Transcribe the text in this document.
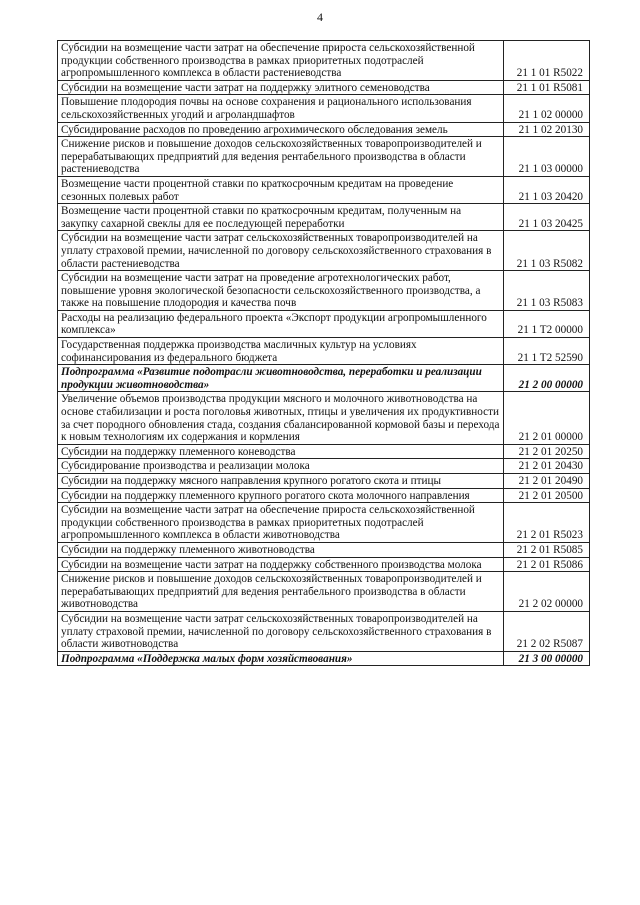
4
Субсидии на возмещение части затрат на обеспечение прироста сельскохозяйственной продукции собственного производства в рамках приоритетных подотраслей агропромышленного комплекса в области растениеводства	21 1 01 R5022
Субсидии на возмещение части затрат на поддержку элитного семеноводства	21 1 01 R5081
Повышение плодородия почвы на основе сохранения и рационального использования сельскохозяйственных угодий и агроландшафтов	21 1 02 00000
Субсидирование расходов по проведению агрохимического обследования земель	21 1 02 20130
Снижение рисков и повышение доходов сельскохозяйственных товаропроизводителей и перерабатывающих предприятий для ведения рентабельного производства в области растениеводства	21 1 03 00000
Возмещение части процентной ставки по краткосрочным кредитам на проведение сезонных полевых работ	21 1 03 20420
Возмещение части процентной ставки по краткосрочным кредитам, полученным на закупку сахарной свеклы для ее последующей переработки	21 1 03 20425
Субсидии на возмещение части затрат сельскохозяйственных товаропроизводителей на уплату страховой премии, начисленной по договору сельскохозяйственного страхования в области растениеводства	21 1 03 R5082
Субсидии на возмещение части затрат на проведение агротехнологических работ, повышение уровня экологической безопасности сельскохозяйственного производства, а также на повышение плодородия и качества почв	21 1 03 R5083
Расходы на реализацию федерального проекта «Экспорт продукции агропромышленного комплекса»	21 1 T2 00000
Государственная поддержка производства масличных культур на условиях софинансирования из федерального бюджета	21 1 T2 52590
Подпрограмма «Развитие подотрасли животноводства, переработки и реализации продукции животноводства»	21 2 00 00000
Увеличение объемов производства продукции мясного и молочного животноводства на основе стабилизации и роста поголовья животных, птицы и увеличения их продуктивности за счет породного обновления стада, создания сбалансированной кормовой базы и перехода к новым технологиям их содержания и кормления	21 2 01 00000
Субсидии на поддержку племенного коневодства	21 2 01 20250
Субсидирование производства и реализации молока	21 2 01 20430
Субсидии на поддержку мясного направления крупного рогатого скота и птицы	21 2 01 20490
Субсидии на поддержку племенного крупного рогатого скота молочного направления	21 2 01 20500
Субсидии на возмещение части затрат на обеспечение прироста сельскохозяйственной продукции собственного производства в рамках приоритетных подотраслей агропромышленного комплекса в области животноводства	21 2 01 R5023
Субсидии на поддержку племенного животноводства	21 2 01 R5085
Субсидии на возмещение части затрат на поддержку собственного производства молока	21 2 01 R5086
Снижение рисков и повышение доходов сельскохозяйственных товаропроизводителей и перерабатывающих предприятий для ведения рентабельного производства в области животноводства	21 2 02 00000
Субсидии на возмещение части затрат сельскохозяйственных товаропроизводителей на уплату страховой премии, начисленной по договору сельскохозяйственного страхования в области животноводства	21 2 02 R5087
Подпрограмма «Поддержка малых форм хозяйствования»	21 3 00 00000
